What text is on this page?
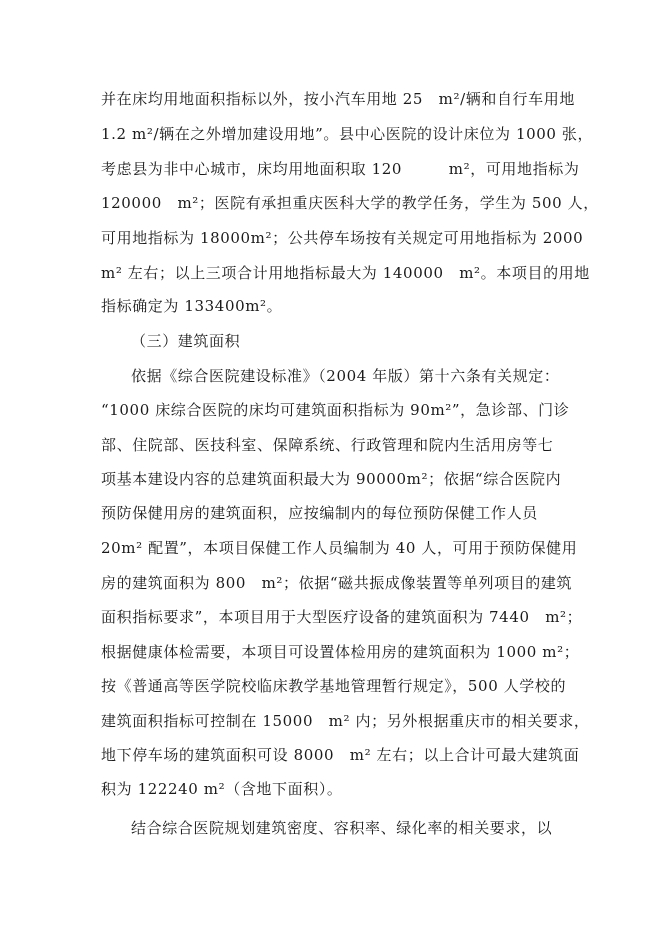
并在床均用地面积指标以外，按小汽车用地 25　m²/辆和自行车用地
1.2 m²/辆在之外增加建设用地”。县中心医院的设计床位为 1000 张，
考虑县为非中心城市，床均用地面积取 120　　　m²，可用地指标为
120000　m²；医院有承担重庆医科大学的教学任务，学生为 500 人，
可用地指标为 18000m²；公共停车场按有关规定可用地指标为 2000
m² 左右；以上三项合计用地指标最大为 140000　m²。本项目的用地
指标确定为 133400m²。
（三）建筑面积
依据《综合医院建设标准》（2004 年版）第十六条有关规定：
“1000 床综合医院的床均可建筑面积指标为 90m²”，急诊部、门诊
部、住院部、医技科室、保障系统、行政管理和院内生活用房等七
项基本建设内容的总建筑面积最大为 90000m²；依据“综合医院内
预防保健用房的建筑面积，应按编制内的每位预防保健工作人员
20m² 配置”，本项目保健工作人员编制为 40 人，可用于预防保健用
房的建筑面积为 800　m²；依据“磁共振成像装置等单列项目的建筑
面积指标要求”，本项目用于大型医疗设备的建筑面积为 7440　m²；
根据健康体检需要，本项目可设置体检用房的建筑面积为 1000 m²；
按《普通高等医学院校临床教学基地管理暂行规定》，500 人学校的
建筑面积指标可控制在 15000　m² 内；另外根据重庆市的相关要求，
地下停车场的建筑面积可设 8000　m² 左右；以上合计可最大建筑面
积为 122240 m²（含地下面积）。
结合综合医院规划建筑密度、容积率、绿化率的相关要求，以
